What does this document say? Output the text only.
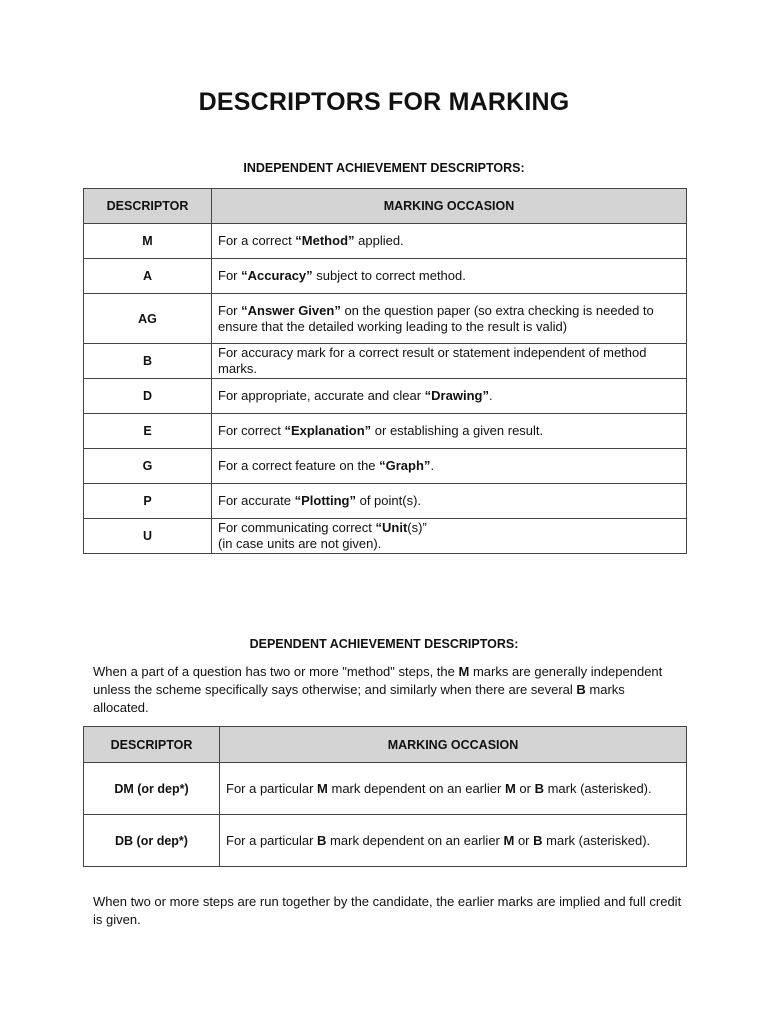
DESCRIPTORS FOR MARKING
INDEPENDENT ACHIEVEMENT DESCRIPTORS:
DESCRIPTOR	MARKING OCCASION
M	For a correct “Method” applied.
A	For “Accuracy” subject to correct method.
AG	For “Answer Given” on the question paper (so extra checking is needed to ensure that the detailed working leading to the result is valid)
B	For accuracy mark for a correct result or statement independent of method marks.
D	For appropriate, accurate and clear “Drawing”.
E	For correct “Explanation” or establishing a given result.
G	For a correct feature on the “Graph”.
P	For accurate “Plotting” of point(s).
U	For communicating correct “Unit(s)”
(in case units are not given).
DEPENDENT ACHIEVEMENT DESCRIPTORS:
When a part of a question has two or more "method" steps, the M marks are generally independent unless the scheme specifically says otherwise; and similarly when there are several B marks allocated.
DESCRIPTOR	MARKING OCCASION
DM (or dep*)	For a particular M mark dependent on an earlier M or B mark (asterisked).
DB (or dep*)	For a particular B mark dependent on an earlier M or B mark (asterisked).
When two or more steps are run together by the candidate, the earlier marks are implied and full credit is given.
